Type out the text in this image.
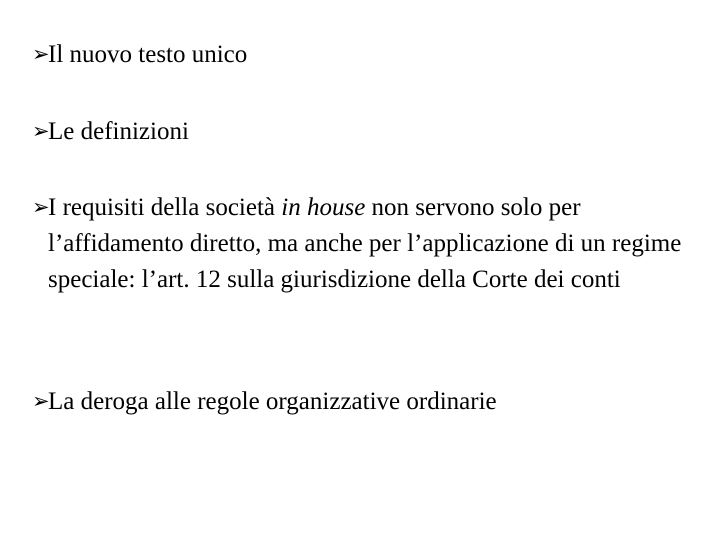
➢Il nuovo testo unico
➢Le definizioni
➢I requisiti della società in house non servono solo per l’affidamento diretto, ma anche per l’applicazione di un regime speciale: l’art. 12 sulla giurisdizione della Corte dei conti
➢La deroga alle regole organizzative ordinarie
